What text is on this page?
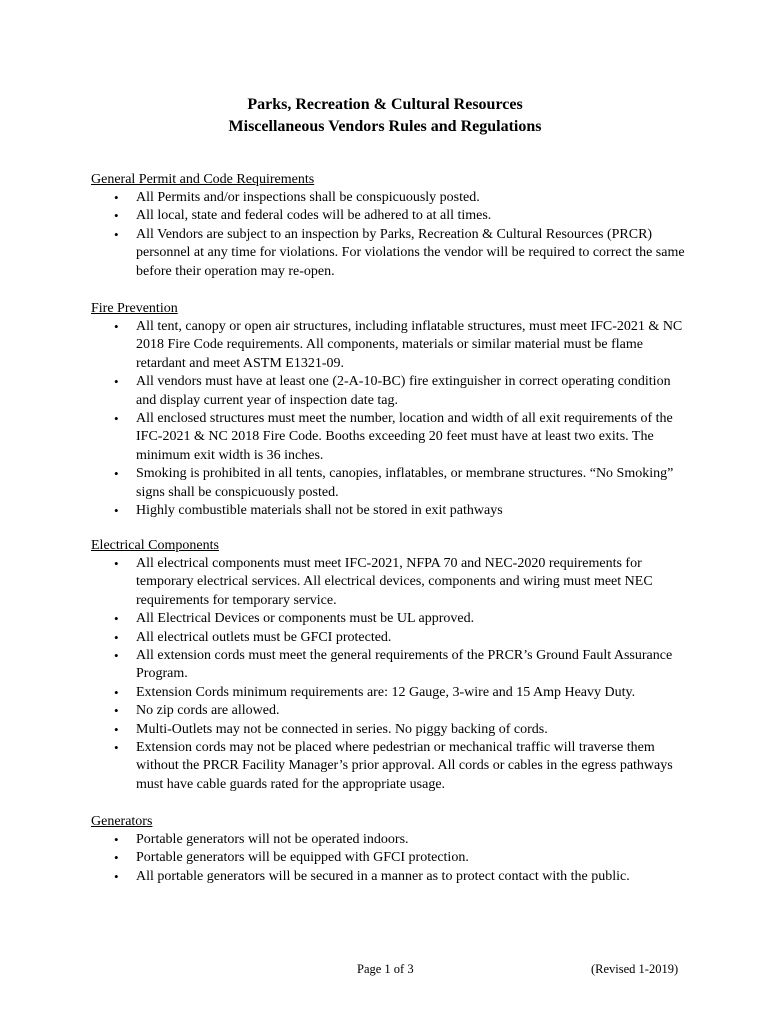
Parks, Recreation & Cultural Resources
Miscellaneous Vendors Rules and Regulations
General Permit and Code Requirements
• All Permits and/or inspections shall be conspicuously posted.
• All local, state and federal codes will be adhered to at all times.
• All Vendors are subject to an inspection by Parks, Recreation & Cultural Resources (PRCR) personnel at any time for violations. For violations the vendor will be required to correct the same before their operation may re-open.
Fire Prevention
• All tent, canopy or open air structures, including inflatable structures, must meet IFC-2021 & NC 2018 Fire Code requirements. All components, materials or similar material must be flame retardant and meet ASTM E1321-09.
• All vendors must have at least one (2-A-10-BC) fire extinguisher in correct operating condition and display current year of inspection date tag.
• All enclosed structures must meet the number, location and width of all exit requirements of the IFC-2021 & NC 2018 Fire Code. Booths exceeding 20 feet must have at least two exits. The minimum exit width is 36 inches.
• Smoking is prohibited in all tents, canopies, inflatables, or membrane structures. “No Smoking” signs shall be conspicuously posted.
• Highly combustible materials shall not be stored in exit pathways
Electrical Components
• All electrical components must meet IFC-2021, NFPA 70 and NEC-2020 requirements for temporary electrical services. All electrical devices, components and wiring must meet NEC requirements for temporary service.
• All Electrical Devices or components must be UL approved.
• All electrical outlets must be GFCI protected.
• All extension cords must meet the general requirements of the PRCR’s Ground Fault Assurance Program.
• Extension Cords minimum requirements are: 12 Gauge, 3-wire and 15 Amp Heavy Duty.
• No zip cords are allowed.
• Multi-Outlets may not be connected in series. No piggy backing of cords.
• Extension cords may not be placed where pedestrian or mechanical traffic will traverse them without the PRCR Facility Manager’s prior approval. All cords or cables in the egress pathways must have cable guards rated for the appropriate usage.
Generators
• Portable generators will not be operated indoors.
• Portable generators will be equipped with GFCI protection.
• All portable generators will be secured in a manner as to protect contact with the public.
Page 1 of 3	(Revised 1-2019)
